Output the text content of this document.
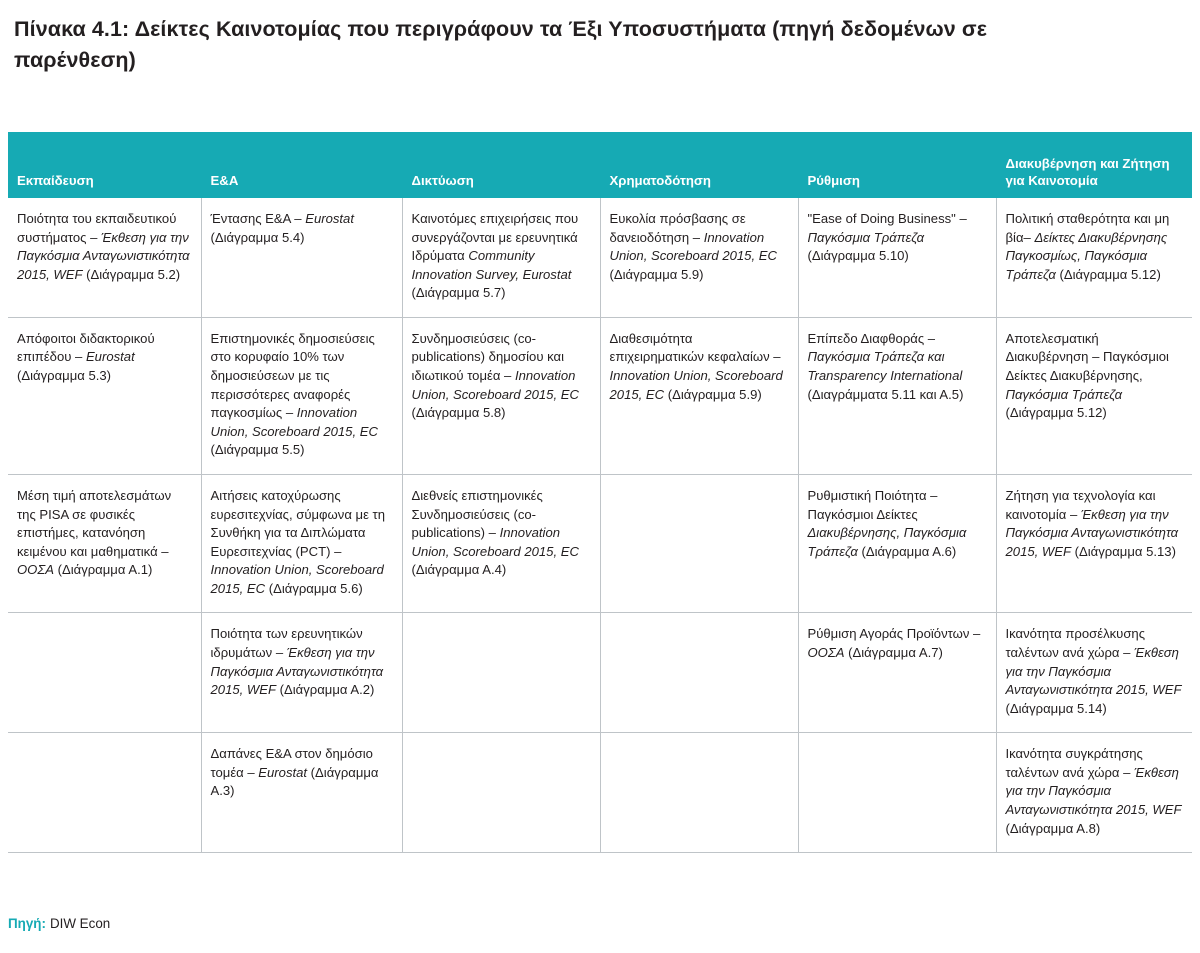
Πίνακα 4.1: Δείκτες Καινοτομίας που περιγράφουν τα Έξι Υποσυστήματα (πηγή δεδομένων σε παρένθεση)
Εκπαίδευση	Ε&Α	Δικτύωση	Χρηματοδότηση	Ρύθμιση	Διακυβέρνηση και Ζήτηση για Καινοτομία
Ποιότητα του εκπαιδευτικού συστήματος – Έκθεση για την Παγκόσμια Ανταγωνιστικότητα 2015, WEF (Διάγραμμα 5.2)	Έντασης Ε&Α – Eurostat (Διάγραμμα 5.4)	Καινοτόμες επιχειρήσεις που συνεργάζονται με ερευνητικά Ιδρύματα Community Innovation Survey, Eurostat (Διάγραμμα 5.7)	Ευκολία πρόσβασης σε δανειοδότηση – Innovation Union, Scoreboard 2015, EC (Διάγραμμα 5.9)	"Ease of Doing Business" – Παγκόσμια Τράπεζα (Διάγραμμα 5.10)	Πολιτική σταθερότητα και μη βία– Δείκτες Διακυβέρνησης Παγκοσμίως, Παγκόσμια Τράπεζα (Διάγραμμα 5.12)
Απόφοιτοι διδακτορικού επιπέδου – Eurostat (Διάγραμμα 5.3)	Επιστημονικές δημοσιεύσεις στο κορυφαίο 10% των δημοσιεύσεων με τις περισσότερες αναφορές παγκοσμίως – Innovation Union, Scoreboard 2015, EC (Διάγραμμα 5.5)	Συνδημοσιεύσεις (co-publications) δημοσίου και ιδιωτικού τομέα – Innovation Union, Scoreboard 2015, EC (Διάγραμμα 5.8)	Διαθεσιμότητα επιχειρηματικών κεφαλαίων – Innovation Union, Scoreboard 2015, EC (Διάγραμμα 5.9)	Επίπεδο Διαφθοράς – Παγκόσμια Τράπεζα και Transparency International (Διαγράμματα 5.11 και Α.5)	Αποτελεσματική Διακυβέρνηση – Παγκόσμιοι Δείκτες Διακυβέρνησης, Παγκόσμια Τράπεζα (Διάγραμμα 5.12)
Μέση τιμή αποτελεσμάτων της PISA σε φυσικές επιστήμες, κατανόηση κειμένου και μαθηματικά – ΟΟΣΑ (Διάγραμμα Α.1)	Αιτήσεις κατοχύρωσης ευρεσιτεχνίας, σύμφωνα με τη Συνθήκη για τα Διπλώματα Ευρεσιτεχνίας (PCT) – Innovation Union, Scoreboard 2015, EC (Διάγραμμα 5.6)	Διεθνείς επιστημονικές Συνδημοσιεύσεις (co-publications) – Innovation Union, Scoreboard 2015, EC (Διάγραμμα Α.4)		Ρυθμιστική Ποιότητα – Παγκόσμιοι Δείκτες Διακυβέρνησης, Παγκόσμια Τράπεζα (Διάγραμμα Α.6)	Ζήτηση για τεχνολογία και καινοτομία – Έκθεση για την Παγκόσμια Ανταγωνιστικότητα 2015, WEF (Διάγραμμα 5.13)
	Ποιότητα των ερευνητικών ιδρυμάτων – Έκθεση για την Παγκόσμια Ανταγωνιστικότητα 2015, WEF (Διάγραμμα Α.2)			Ρύθμιση Αγοράς Προϊόντων – ΟΟΣΑ (Διάγραμμα Α.7)	Ικανότητα προσέλκυσης ταλέντων ανά χώρα – Έκθεση για την Παγκόσμια Ανταγωνιστικότητα 2015, WEF (Διάγραμμα 5.14)
	Δαπάνες Ε&Α στον δημόσιο τομέα – Eurostat (Διάγραμμα Α.3)				Ικανότητα συγκράτησης ταλέντων ανά χώρα – Έκθεση για την Παγκόσμια Ανταγωνιστικότητα 2015, WEF (Διάγραμμα Α.8)
Πηγή: DIW Econ
